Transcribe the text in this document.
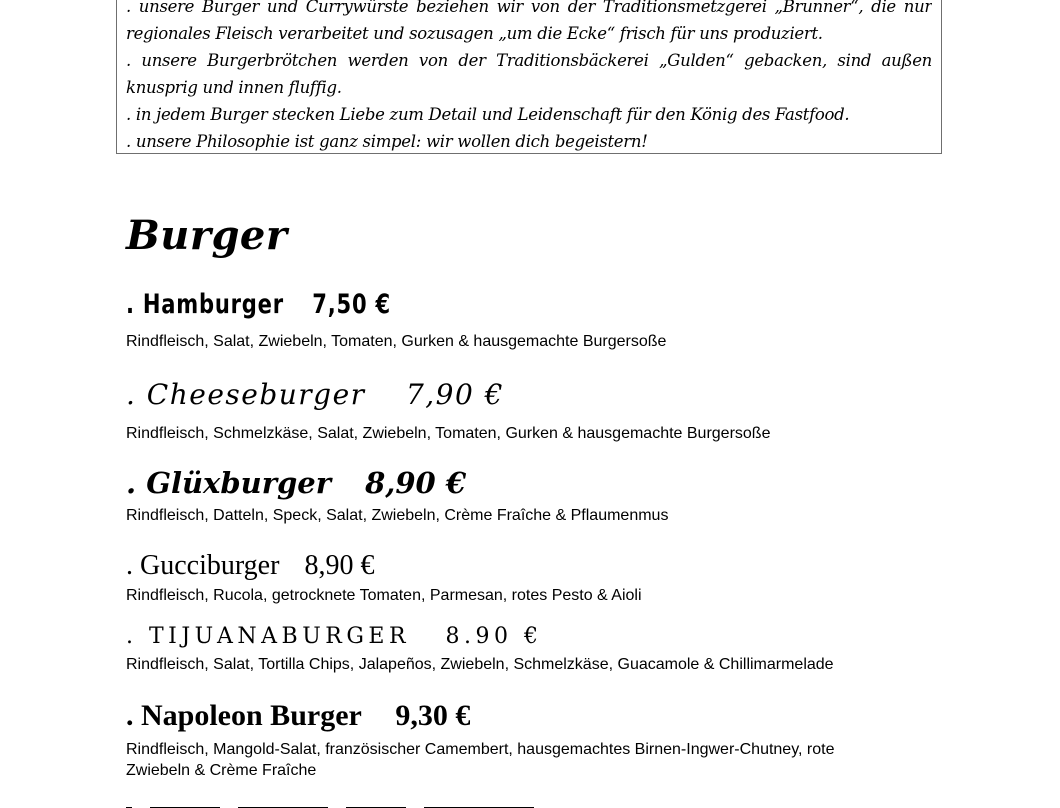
. unsere Burger und Currywürste beziehen wir von der Traditionsmetzgerei „Brunner“, die nur
regionales Fleisch verarbeitet und sozusagen „um die Ecke“ frisch für uns produziert.
. unsere Burgerbrötchen werden von der Traditionsbäckerei „Gulden“ gebacken, sind außen
knusprig und innen fluffig.
. in jedem Burger stecken Liebe zum Detail und Leidenschaft für den König des Fastfood.
. unsere Philosophie ist ganz simpel: wir wollen dich begeistern!
Burger
. Hamburger 7,50 €
Rindfleisch, Salat, Zwiebeln, Tomaten, Gurken & hausgemachte Burgersoße
. Cheeseburger 7,90 €
Rindfleisch, Schmelzkäse, Salat, Zwiebeln, Tomaten, Gurken & hausgemachte Burgersoße
. Glüxburger 8,90 €
Rindfleisch, Datteln, Speck, Salat, Zwiebeln, Crème Fraîche & Pflaumenmus
. Gucciburger 8,90 €
Rindfleisch, Rucola, getrocknete Tomaten, Parmesan, rotes Pesto & Aioli
. TIJUANABURGER 8.90 €
Rindfleisch, Salat, Tortilla Chips, Jalapeños, Zwiebeln, Schmelzkäse, Guacamole & Chillimarmelade
. Napoleon Burger 9,30 €
Rindfleisch, Mangold-Salat, französischer Camembert, hausgemachtes Birnen-Ingwer-Chutney, rote
Zwiebeln & Crème Fraîche
